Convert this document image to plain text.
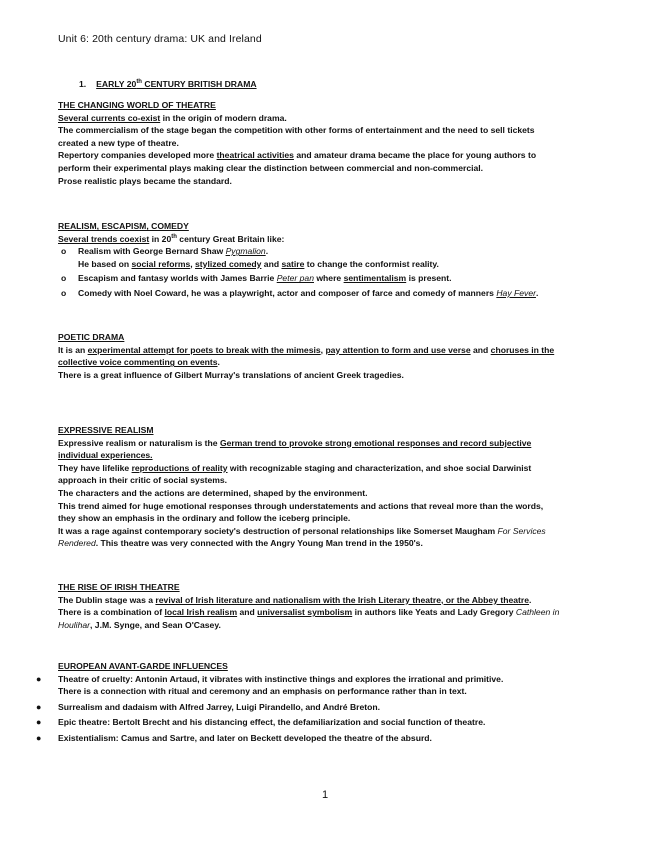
Unit 6: 20th century drama: UK and Ireland
1. EARLY 20th CENTURY BRITISH DRAMA
THE CHANGING WORLD OF THEATRE
Several currents co-exist in the origin of modern drama.
The commercialism of the stage began the competition with other forms of entertainment and the need to sell tickets
created a new type of theatre.
Repertory companies developed more theatrical activities and amateur drama became the place for young authors to
perform their experimental plays making clear the distinction between commercial and non-commercial.
Prose realistic plays became the standard.
REALISM, ESCAPISM, COMEDY
Several trends coexist in 20th century Great Britain like:
o Realism with George Bernard Shaw Pygmalion.
He based on social reforms, stylized comedy and satire to change the conformist reality.
o Escapism and fantasy worlds with James Barrie Peter pan where sentimentalism is present.
o Comedy with Noel Coward, he was a playwright, actor and composer of farce and comedy of manners Hay Fever.
POETIC DRAMA
It is an experimental attempt for poets to break with the mimesis, pay attention to form and use verse and choruses in the
collective voice commenting on events.
There is a great influence of Gilbert Murray's translations of ancient Greek tragedies.
EXPRESSIVE REALISM
Expressive realism or naturalism is the German trend to provoke strong emotional responses and record subjective
individual experiences.
They have lifelike reproductions of reality with recognizable staging and characterization, and shoe social Darwinist
approach in their critic of social systems.
The characters and the actions are determined, shaped by the environment.
This trend aimed for huge emotional responses through understatements and actions that reveal more than the words,
they show an emphasis in the ordinary and follow the iceberg principle.
It was a rage against contemporary society's destruction of personal relationships like Somerset Maugham For Services
Rendered. This theatre was very connected with the Angry Young Man trend in the 1950's.
THE RISE OF IRISH THEATRE
The Dublin stage was a revival of Irish literature and nationalism with the Irish Literary theatre, or the Abbey theatre.
There is a combination of local Irish realism and universalist symbolism in authors like Yeats and Lady Gregory Cathleen in
Houlihar, J.M. Synge, and Sean O'Casey.
EUROPEAN AVANT-GARDE INFLUENCES
● Theatre of cruelty: Antonin Artaud, it vibrates with instinctive things and explores the irrational and primitive.
There is a connection with ritual and ceremony and an emphasis on performance rather than in text.
● Surrealism and dadaism with Alfred Jarrey, Luigi Pirandello, and André Breton.
● Epic theatre: Bertolt Brecht and his distancing effect, the defamiliarization and social function of theatre.
● Existentialism: Camus and Sartre, and later on Beckett developed the theatre of the absurd.
1
